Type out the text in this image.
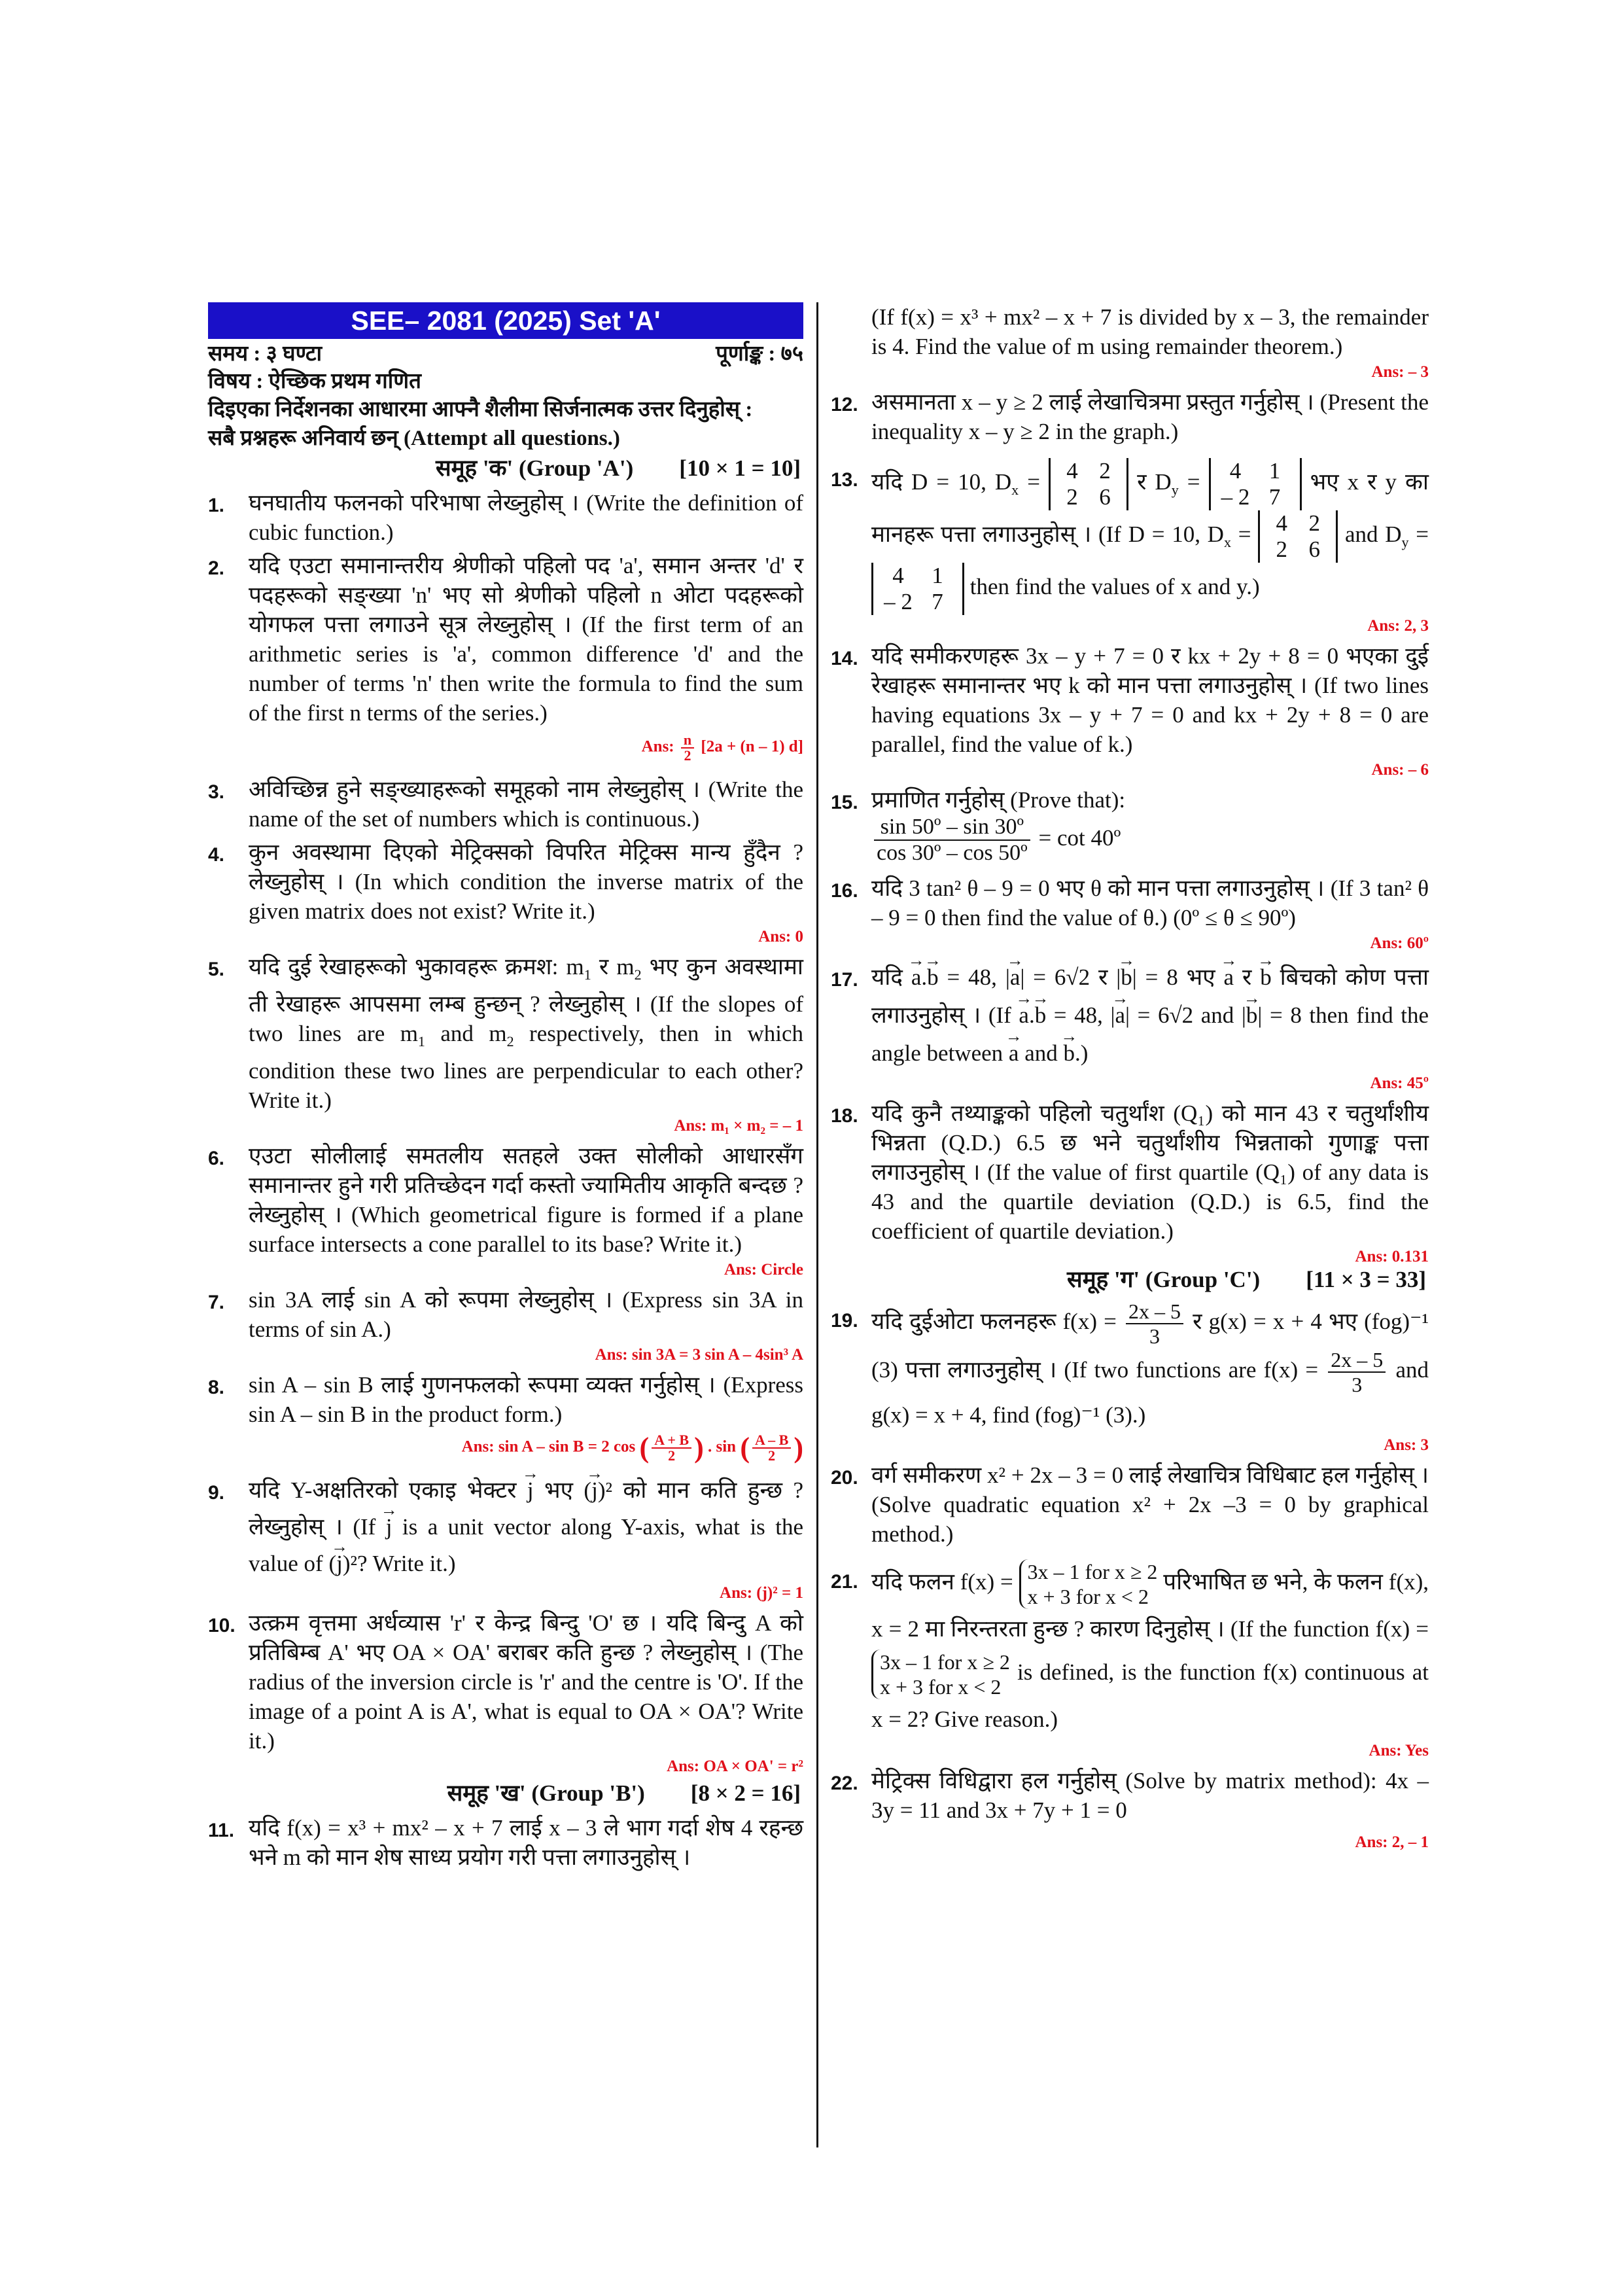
SEE– 2081 (2025) Set 'A'
समय : ३ घण्टा	पूर्णाङ्क : ७५
विषय : ऐच्छिक प्रथम गणित
दिइएका निर्देशनका आधारमा आफ्नै शैलीमा सिर्जनात्मक उत्तर दिनुहोस् :
सबै प्रश्नहरू अनिवार्य छन् (Attempt all questions.)
समूह 'क' (Group 'A') [10 × 1 = 10]
1.	घनघातीय फलनको परिभाषा लेख्नुहोस् । (Write the definition of cubic function.)
2.	यदि एउटा समानान्तरीय श्रेणीको पहिलो पद 'a', समान अन्तर 'd' र पदहरूको सङ्ख्या 'n' भए सो श्रेणीको पहिलो n ओटा पदहरूको योगफल पत्ता लगाउने सूत्र लेख्नुहोस् । (If the first term of an arithmetic series is 'a', common difference 'd' and the number of terms 'n' then write the formula to find the sum of the first n terms of the series.)
Ans: $\frac{n}{2} [2a + (n - 1)$ d]
3.	अविच्छिन्न हुने सङ्ख्याहरूको समूहको नाम लेख्नुहोस् । (Write the name of the set of numbers which is continuous.)
4.	कुन अवस्थामा दिएको मेट्रिक्सको विपरित मेट्रिक्स मान्य हुँदैन ? लेख्नुहोस् । (In which condition the inverse matrix of the given matrix does not exist? Write it.)
Ans: 0
5.	यदि दुई रेखाहरूको भुकावहरू क्रमश: $m_1$ र $m_2$ भए कुन अवस्थामा ती रेखाहरू आपसमा लम्ब हुन्छन् ? लेख्नुहोस् । (If the slopes of two lines are $m_1$ and $m_2$ respectively, then in which condition these two lines are perpendicular to each other? Write it.)
Ans: m₁ × m₂ = – 1
6.	एउटा सोलीलाई समतलीय सतहले उक्त सोलीको आधारसँग समानान्तर हुने गरी प्रतिच्छेदन गर्दा कस्तो ज्यामितीय आकृति बन्दछ ? लेख्नुहोस् । (Which geometrical figure is formed if a plane surface intersects a cone parallel to its base? Write it.)
Ans: Circle
7.	sin 3A लाई sin A को रूपमा लेख्नुहोस् । (Express sin 3A in terms of sin A.)
Ans: sin 3A = 3 sin A – 4sin³ A
8.	sin A – sin B लाई गुणनफलको रूपमा व्यक्त गर्नुहोस् । (Express sin A – sin B in the product form.)
Ans: sin A – sin B = 2 cos ( $\frac{A + B}{2}$ ) . sin ( $\frac{A - B}{2}$ )
9.	यदि Y-अक्षतिरको एकाइ भेक्टर → j भए (→ j)² को मान कति हुन्छ ? लेख्नुहोस् । (If → j is a unit vector along Y-axis, what is the value of (→ j)²? Write it.)
Ans: (j)² = 1
10. उत्क्रम वृत्तमा अर्धव्यास 'r' र केन्द्र बिन्दु 'O' छ । यदि बिन्दु A को प्रतिबिम्ब A' भए OA × OA' बराबर कति हुन्छ ? लेख्नुहोस् । (The radius of the inversion circle is 'r' and the centre is 'O'. If the image of a point A is A', what is equal to OA × OA'? Write it.)
Ans: OA × OA' = r²
समूह 'ख' (Group 'B') [8 × 2 = 16]
11. यदि f(x) = x³ + mx² – x + 7 लाई x – 3 ले भाग गर्दा शेष 4 रहन्छ भने m को मान शेष साध्य प्रयोग गरी पत्ता लगाउनुहोस् ।
(If f(x) = x³ + mx² – x + 7 is divided by x – 3, the remainder is 4. Find the value of m using remainder theorem.)
Ans: – 3
12. असमानता x – y ≥ 2 लाई लेखाचित्रमा प्रस्तुत गर्नुहोस् । (Present the inequality x – y ≥ 2 in the graph.)
13. यदि D = 10, $D_x = 4$ 2
2 6
र $D_y = 4$	1
– 2 7
भए x र y का मानहरू पत्ता लगाउनुहोस् । (If D = 10, $D_x = 4$ 2
2 6
and $D_y$ =
4	1
– 2 7
then find the values of x and y.)
Ans: 2, 3
14. यदि समीकरणहरू 3x – y + 7 = 0 र kx + 2y + 8 = 0 भएका दुई रेखाहरू समानान्तर भए k को मान पत्ता लगाउनुहोस् । (If two lines having equations 3x – y + 7 = 0 and kx + 2y + 8 = 0 are parallel, find the value of k.)
Ans: – 6
15. प्रमाणित गर्नुहोस् (Prove that):

$\frac{\text{sin 50º – sin 30º}}{\text{cos 30º – cos 50º}} = \cot$ 40º
16. यदि 3 tan² θ – 9 = 0 भए θ को मान पत्ता लगाउनुहोस् । (If 3 tan² θ – 9 = 0 then find the value of θ.) (0º ≤ θ ≤ 90º)
Ans: 60º
17. यदि → a.→ b = 48, |→ a| = 6√2 र |→ b| = 8 भए → a र → b बिचको कोण पत्ता लगाउनुहोस् । (If → a.→ b = 48, |→ a| = 6√2 and |→ b| = 8 then find the angle between → a and → b.)
Ans: 45º
18. यदि कुनै तथ्याङ्कको पहिलो चतुर्थांश (Q₁) को मान 43 र चतुर्थांशीय भिन्नता (Q.D.) 6.5 छ भने चतुर्थांशीय भिन्नताको गुणाङ्क पत्ता लगाउनुहोस् । (If the value of first quartile (Q₁) of any data is 43 and the quartile deviation (Q.D.) is 6.5, find the coefficient of quartile deviation.)
Ans: 0.131
समूह 'ग' (Group 'C') [11 × 3 = 33]
19. यदि दुईओटा फलनहरू $f(x) = \frac{2x - 5}{3}$ र g(x) = x + 4 भए (fog)⁻¹ (3) पत्ता लगाउनुहोस् । (If two functions are $f(x) = \frac{2x - 5}{3}$ and g(x) = x + 4, find (fog)⁻¹ (3).)
Ans: 3
20. वर्ग समीकरण x² + 2x – 3 = 0 लाई लेखाचित्र विधिबाट हल गर्नुहोस् । (Solve quadratic equation x² + 2x –3 = 0 by graphical method.)
21. यदि फलन f(x) = 3x – 1 for x ≥ 2
x + 3 for x < 2
परिभाषित छ भने, के फलन f(x), x = 2 मा निरन्तरता हुन्छ ? कारण दिनुहोस् । (If the function f(x) =
3x – 1 for x ≥ 2
x + 3 for x < 2
is defined, is the function f(x) continuous at x = 2? Give reason.)
Ans: Yes
22. मेट्रिक्स विधिद्वारा हल गर्नुहोस् (Solve by matrix method): 4x – 3y = 11 and 3x + 7y + 1 = 0
Ans: 2, – 1
